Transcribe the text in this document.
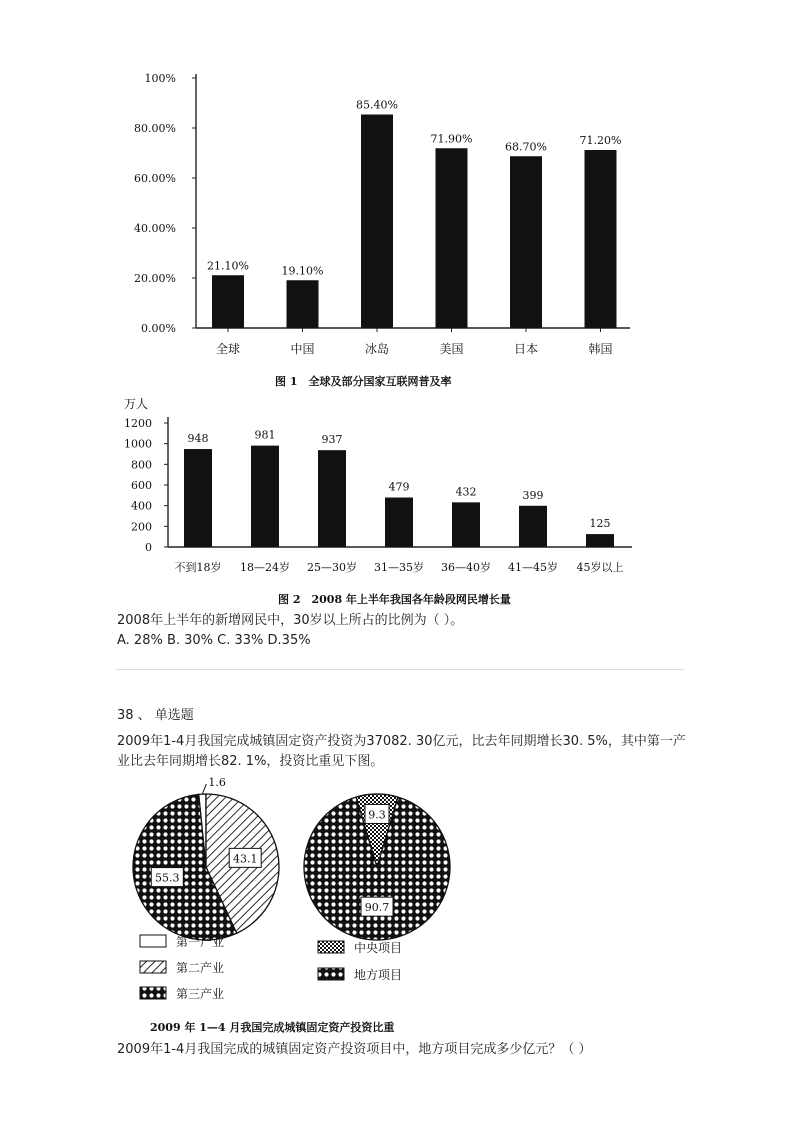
0.00%
20.00%
40.00%
60.00%
80.00%
100%
21.10%
全球
19.10%
中国
85.40%
冰岛
71.90%
美国
68.70%
日本
71.20%
韩国
图 1　全球及部分国家互联网普及率
万人
0
200
400
600
800
1000
1200
948
不到18岁
981
18—24岁
937
25—30岁
479
31—35岁
432
36—40岁
399
41—45岁
125
45岁以上
图 2　2008 年上半年我国各年龄段网民增长量
2008年上半年的新增网民中，30岁以上所占的比例为（ ）。
A. 28% B. 30% C. 33% D.35%
38 、 单选题
2009年1-4月我国完成城镇固定资产投资为37082. 30亿元，比去年同期增长30. 5%，其中第一产业比去年同期增长82. 1%，投资比重见下图。
1.6
43.1
55.3
9.3
90.7
第一产业
第二产业
第三产业
中央项目
地方项目
2009 年 1—4 月我国完成城镇固定资产投资比重
2009年1-4月我国完成的城镇固定资产投资项目中，地方项目完成多少亿元？（ ）
